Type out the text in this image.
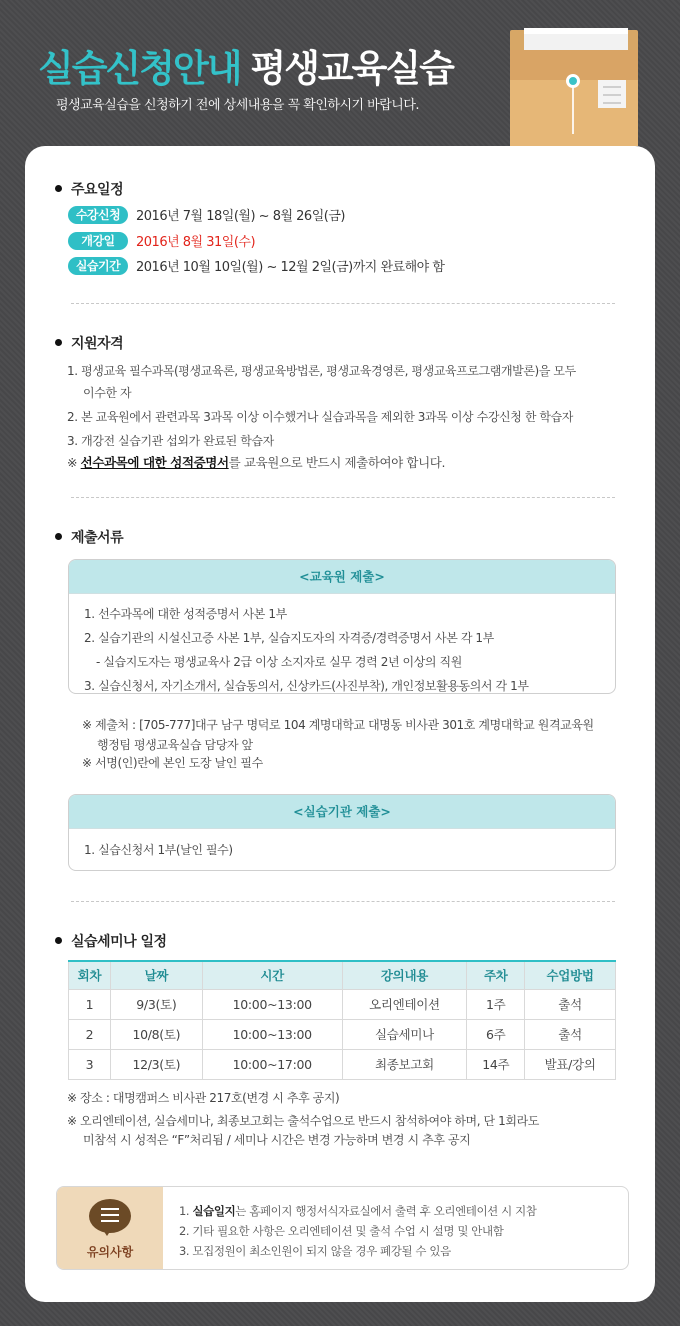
실습신청안내 평생교육실습
평생교육실습을 신청하기 전에 상세내용을 꼭 확인하시기 바랍니다.
주요일정
수강신청 2016년 7월 18일(월) ~ 8월 26일(금)
개강일 2016년 8월 31일(수)
실습기간 2016년 10월 10일(월) ~ 12월 2일(금)까지 완료해야 함
지원자격
1. 평생교육 필수과목(평생교육론, 평생교육방법론, 평생교육경영론, 평생교육프로그램개발론)을 모두
이수한 자
2. 본 교육원에서 관련과목 3과목 이상 이수했거나 실습과목을 제외한 3과목 이상 수강신청 한 학습자
3. 개강전 실습기관 섭외가 완료된 학습자
※ 선수과목에 대한 성적증명서를 교육원으로 반드시 제출하여야 합니다.
제출서류
<교육원 제출>
1. 선수과목에 대한 성적증명서 사본 1부
2. 실습기관의 시설신고증 사본 1부, 실습지도자의 자격증/경력증명서 사본 각 1부
- 실습지도자는 평생교육사 2급 이상 소지자로 실무 경력 2년 이상의 직원
3. 실습신청서, 자기소개서, 실습동의서, 신상카드(사진부착), 개인정보활용동의서 각 1부
※ 제출처 : [705-777]대구 남구 명덕로 104 계명대학교 대명동 비사관 301호 계명대학교 원격교육원
행정팀 평생교육실습 담당자 앞
※ 서명(인)란에 본인 도장 날인 필수
<실습기관 제출>
1. 실습신청서 1부(날인 필수)
실습세미나 일정
회차	날짜	시간	강의내용	주차	수업방법
1	9/3(토)	10:00~13:00	오리엔테이션	1주	출석
2	10/8(토)	10:00~13:00	실습세미나	6주	출석
3	12/3(토)	10:00~17:00	최종보고회	14주	발표/강의
※ 장소 : 대명캠퍼스 비사관 217호(변경 시 추후 공지)
※ 오리엔테이션, 실습세미나, 최종보고회는 출석수업으로 반드시 참석하여야 하며, 단 1회라도
미참석 시 성적은 “F”처리됨 / 세미나 시간은 변경 가능하며 변경 시 추후 공지
유의사항
1. 실습일지는 홈페이지 행정서식자료실에서 출력 후 오리엔테이션 시 지참
2. 기타 필요한 사항은 오리엔테이션 및 출석 수업 시 설명 및 안내함
3. 모집정원이 최소인원이 되지 않을 경우 폐강될 수 있음
